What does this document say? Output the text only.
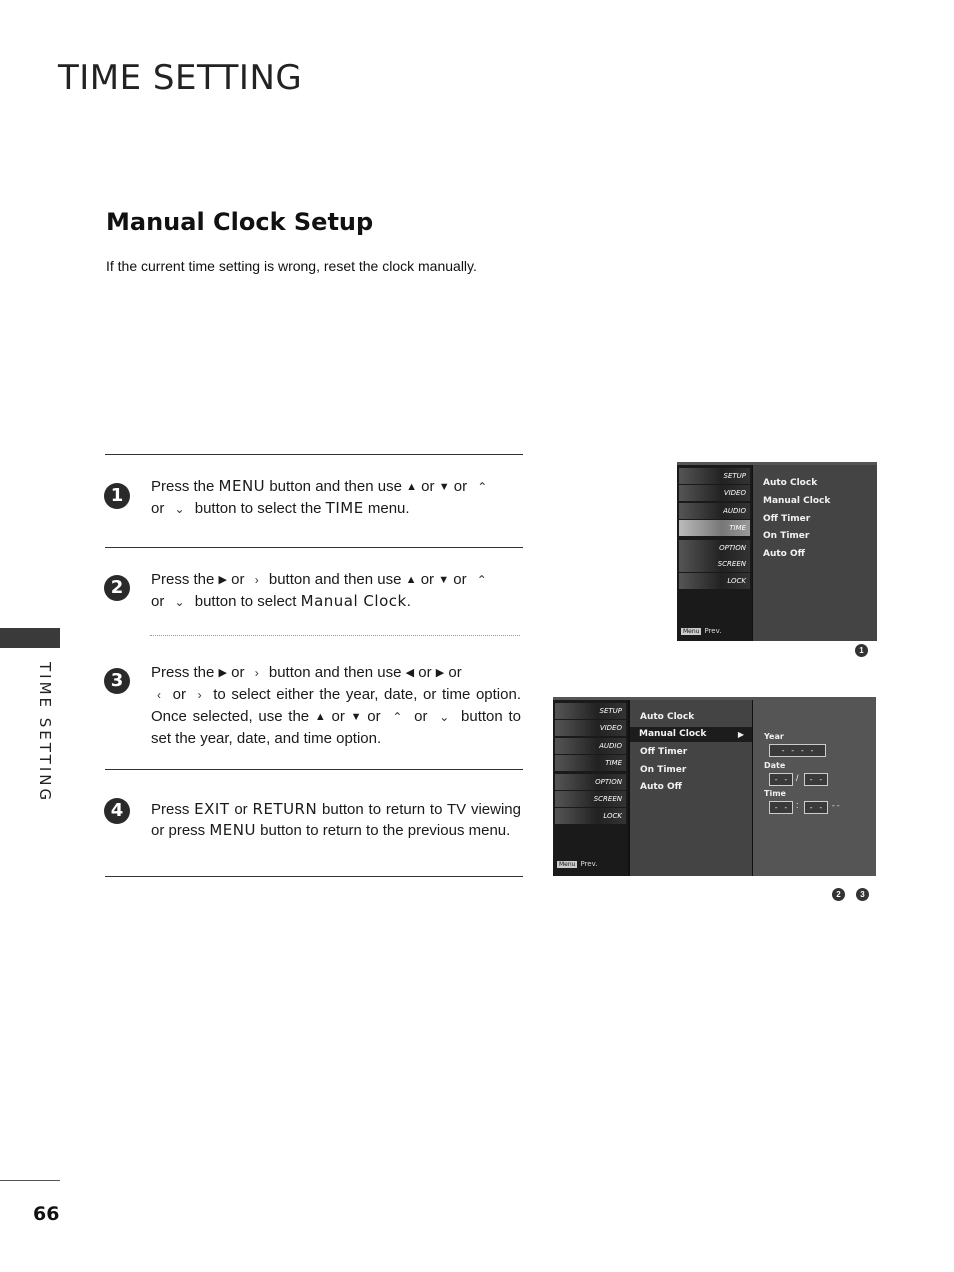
TIME SETTING
TIME SETTING
Manual Clock Setup
If the current time setting is wrong, reset the clock manually.
1	Press the MENU button and then use ▲ or ▼ or ⌃
or ⌄ button to select the TIME menu.
2	Press the ▶ or › button and then use ▲ or ▼ or ⌃
or ⌄ button to select Manual Clock.
3	Press the ▶ or › button and then use ◀ or ▶ or
‹ or › to select either the year, date, or time option. Once selected, use the ▲ or ▼ or ⌃ or ⌄ button to set the year, date, and time option.
4	Press EXIT or RETURN button to return to TV viewing or press MENU button to return to the previous menu.
SETUP
VIDEO
AUDIO
TIME
OPTION
SCREEN
LOCK
Menu Prev.
Auto Clock
Manual Clock
Off Timer
On Timer
Auto Off
1
SETUP
VIDEO
AUDIO
TIME
OPTION
SCREEN
LOCK
Menu Prev.
Auto Clock
Manual Clock	▶
Off Timer
On Timer
Auto Off
Year
- - - -
Date
- - /	- -
Time
- - :	- -	- -
2	3
66
